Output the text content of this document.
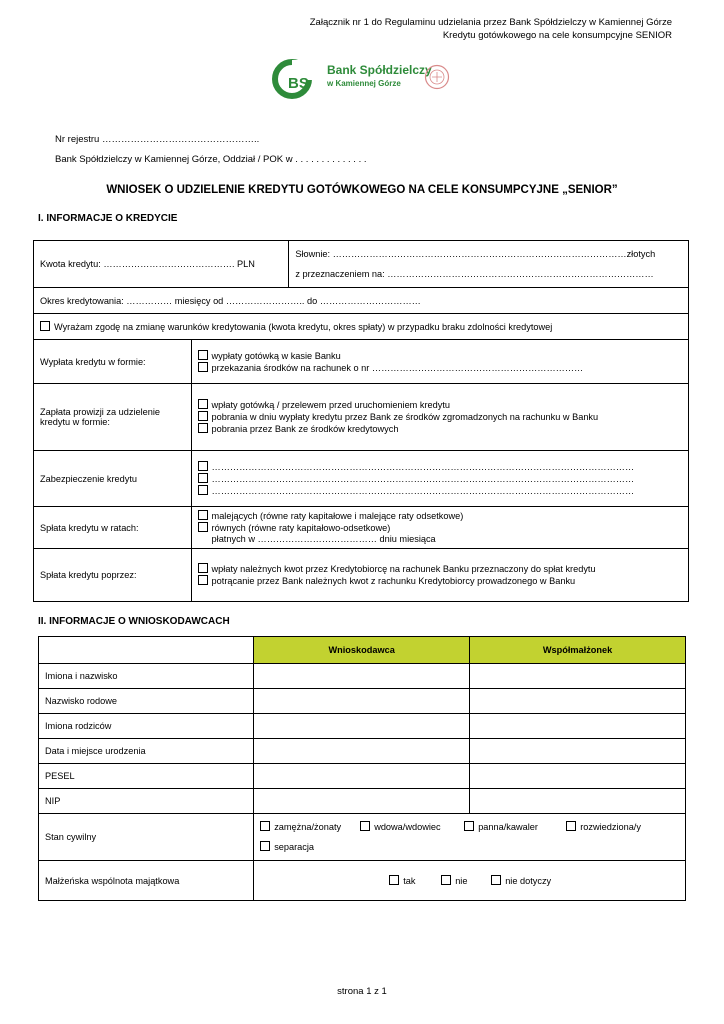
Załącznik nr 1 do Regulaminu udzielania przez Bank Spółdzielczy w Kamiennej Górze
Kredytu gotówkowego na cele konsumpcyjne SENIOR
BS
Bank Spółdzielczy
w Kamiennej Górze
Nr rejestru …………………………………………..
Bank Spółdzielczy w Kamiennej Górze, Oddział / POK w . . . . . . . . . . . . . .
WNIOSEK O UDZIELENIE KREDYTU GOTÓWKOWEGO NA CELE KONSUMPCYJNE „SENIOR”
I. INFORMACJE O KREDYCIE
Kwota kredytu: ……………………………………. PLN		Słownie: ……………………………………………………………………………………złotych
z przeznaczeniem na: ……………………………………………………………………………

Okres kredytowania: …………… miesięcy od …………………….. do ……………………………		
Wyrażam zgodę na zmianę warunków kredytowania (kwota kredytu, okres spłaty) w przypadku braku zdolności kredytowej		
Wypłata kredytu w formie:	wypłaty gotówką w kasie Banku
przekazania środków na rachunek o nr ……………………………………………………………	

Zapłata prowizji za udzielenie kredytu w formie:	wpłaty gotówką / przelewem przed uruchomieniem kredytu
pobrania w dniu wypłaty kredytu przez Bank ze środków zgromadzonych na rachunku w Banku
pobrania przez Bank ze środków kredytowych	

Zabezpieczenie kredytu	…………………………………………………………………………………………………………………………
…………………………………………………………………………………………………………………………
…………………………………………………………………………………………………………………………	

Spłata kredytu w ratach:	malejących (równe raty kapitałowe i malejące raty odsetkowe)
równych (równe raty kapitałowo-odsetkowe)
płatnych w ………………………………… dniu miesiąca	

Spłata kredytu poprzez:	wpłaty należnych kwot przez Kredytobiorcę na rachunek Banku przeznaczony do spłat kredytu
potrącanie przez Bank należnych kwot z rachunku Kredytobiorcy prowadzonego w Banku	
II. INFORMACJE O WNIOSKODAWCACH
	Wnioskodawca	Współmałżonek
Imiona i nazwisko		
Nazwisko rodowe		
Imiona rodziców		
Data i miejsce urodzenia		
PESEL		
NIP		
Stan cywilny	zamężna/żonaty wdowa/wdowiec panna/kawaler rozwiedziona/y
separacja	

Małżeńska wspólnota majątkowa	tak nie nie dotyczy	
strona 1 z 1
